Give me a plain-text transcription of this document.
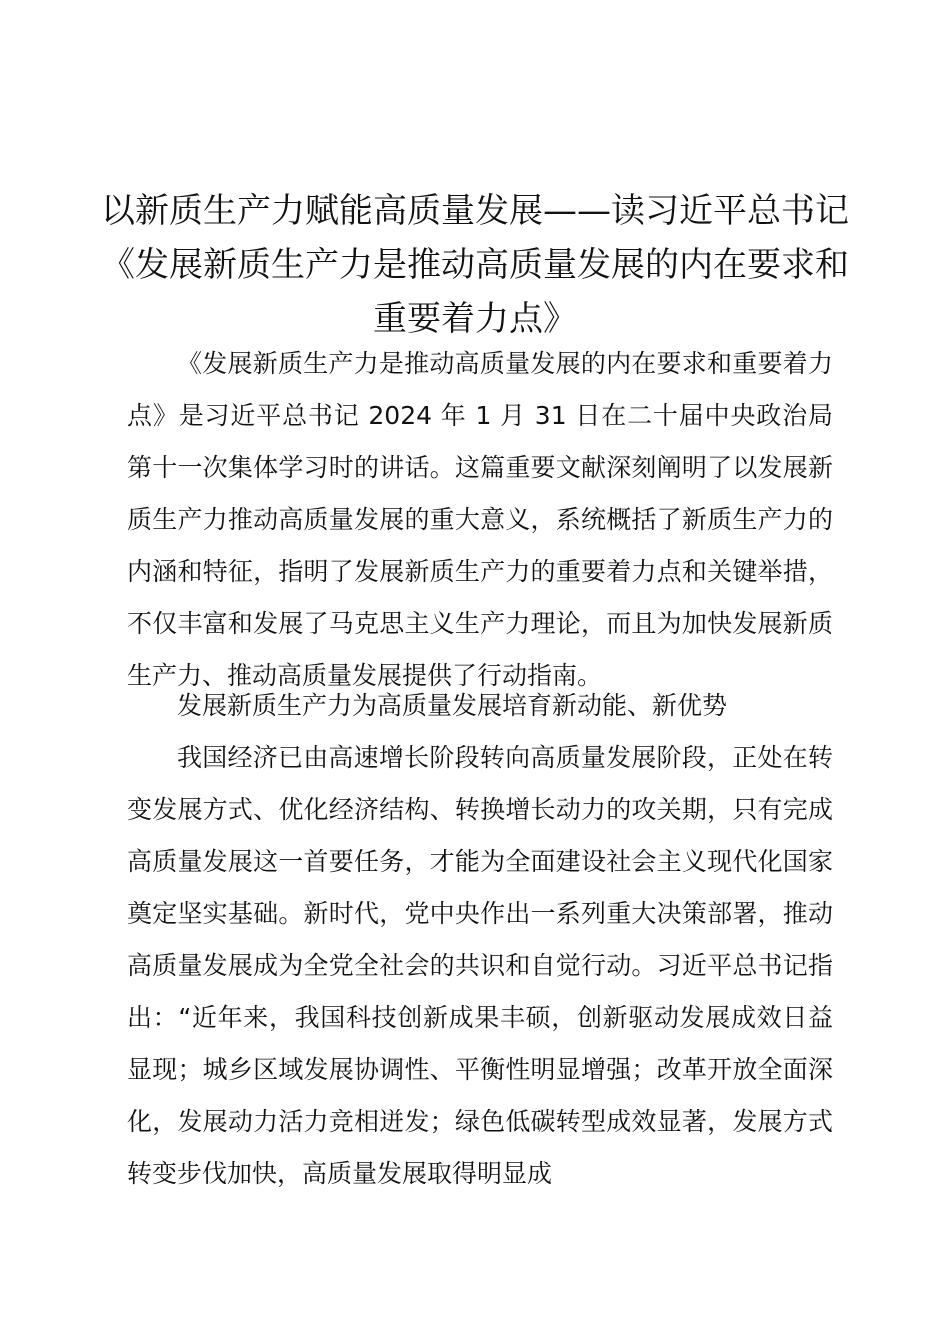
以新质生产力赋能高质量发展——读习近平总书记《发展新质生产力是推动高质量发展的内在要求和重要着力点》

《发展新质生产力是推动高质量发展的内在要求和重要着力点》是习近平总书记 2024 年 1 月 31 日在二十届中央政治局第十一次集体学习时的讲话。这篇重要文献深刻阐明了以发展新质生产力推动高质量发展的重大意义，系统概括了新质生产力的内涵和特征，指明了发展新质生产力的重要着力点和关键举措，不仅丰富和发展了马克思主义生产力理论，而且为加快发展新质生产力、推动高质量发展提供了行动指南。

发展新质生产力为高质量发展培育新动能、新优势

我国经济已由高速增长阶段转向高质量发展阶段，正处在转变发展方式、优化经济结构、转换增长动力的攻关期，只有完成高质量发展这一首要任务，才能为全面建设社会主义现代化国家奠定坚实基础。新时代，党中央作出一系列重大决策部署，推动高质量发展成为全党全社会的共识和自觉行动。习近平总书记指出：“近年来，我国科技创新成果丰硕，创新驱动发展成效日益显现；城乡区域发展协调性、平衡性明显增强；改革开放全面深化，发展动力活力竞相迸发；绿色低碳转型成效显著，发展方式转变步伐加快，高质量发展取得明显成
